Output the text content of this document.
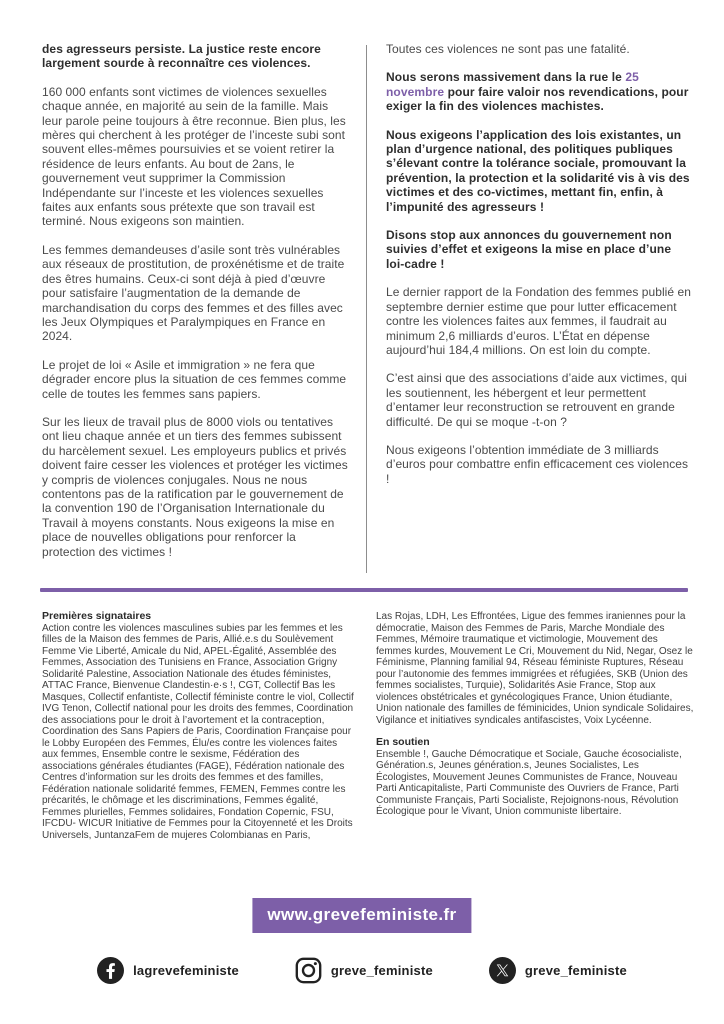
des agresseurs persiste. La justice reste encore largement sourde à reconnaître ces violences.

160 000 enfants sont victimes de violences sexuelles chaque année, en majorité au sein de la famille. Mais leur parole peine toujours à être reconnue. Bien plus, les mères qui cherchent à les protéger de l’inceste subi sont souvent elles-mêmes poursuivies et se voient retirer la résidence de leurs enfants. Au bout de 2ans, le gouvernement veut supprimer la Commission Indépendante sur l’inceste et les violences sexuelles faites aux enfants sous prétexte que son travail est terminé. Nous exigeons son maintien.

Les femmes demandeuses d’asile sont très vulnérables aux réseaux de prostitution, de proxénétisme et de traite des êtres humains. Ceux-ci sont déjà à pied d’œuvre pour satisfaire l’augmentation de la demande de marchandisation du corps des femmes et des filles avec les Jeux Olympiques et Paralympiques en France en 2024.

Le projet de loi « Asile et immigration » ne fera que dégrader encore plus la situation de ces femmes comme celle de toutes les femmes sans papiers.

Sur les lieux de travail plus de 8000 viols ou tentatives ont lieu chaque année et un tiers des femmes subissent du harcèlement sexuel. Les employeurs publics et privés doivent faire cesser les violences et protéger les victimes y compris de violences conjugales. Nous ne nous contentons pas de la ratification par le gouvernement de la convention 190 de l’Organisation Internationale du Travail à moyens constants. Nous exigeons la mise en place de nouvelles obligations pour renforcer la protection des victimes !

Toutes ces violences ne sont pas une fatalité.

Nous serons massivement dans la rue le 25 novembre pour faire valoir nos revendications, pour exiger la fin des violences machistes.

Nous exigeons l’application des lois existantes, un plan d’urgence national, des politiques publiques s’élevant contre la tolérance sociale, promouvant la prévention, la protection et la solidarité vis à vis des victimes et des co-victimes, mettant fin, enfin, à l’impunité des agresseurs !

Disons stop aux annonces du gouvernement non suivies d’effet et exigeons la mise en place d’une loi-cadre !

Le dernier rapport de la Fondation des femmes publié en septembre dernier estime que pour lutter efficacement contre les violences faites aux femmes, il faudrait au minimum 2,6 milliards d’euros. L’État en dépense aujourd’hui 184,4 millions. On est loin du compte.

C’est ainsi que des associations d’aide aux victimes, qui les soutiennent, les hébergent et leur permettent d’entamer leur reconstruction se retrouvent en grande difficulté. De qui se moque -t-on ?

Nous exigeons l’obtention immédiate de 3 milliards d’euros pour combattre enfin efficacement ces violences !

Premières signataires
Action contre les violences masculines subies par les femmes et les filles de la Maison des femmes de Paris, Allié.e.s du Soulèvement Femme Vie Liberté, Amicale du Nid, APEL-Égalité, Assemblée des Femmes, Association des Tunisiens en France, Association Grigny Solidarité Palestine, Association Nationale des études féministes, ATTAC France, Bienvenue Clandestin·e·s !, CGT, Collectif Bas les Masques, Collectif enfantiste, Collectif féministe contre le viol, Collectif IVG Tenon, Collectif national pour les droits des femmes, Coordination des associations pour le droit à l’avortement et la contraception, Coordination des Sans Papiers de Paris, Coordination Française pour le Lobby Européen des Femmes, Élu/es contre les violences faites aux femmes, Ensemble contre le sexisme, Fédération des associations générales étudiantes (FAGE), Fédération nationale des Centres d’information sur les droits des femmes et des familles, Fédération nationale solidarité femmes, FEMEN, Femmes contre les précarités, le chômage et les discriminations, Femmes égalité, Femmes plurielles, Femmes solidaires, Fondation Copernic, FSU, IFCDU- WICUR Initiative de Femmes pour la Citoyenneté et les Droits Universels, JuntanzaFem de mujeres Colombianas en Paris,
Las Rojas, LDH, Les Effrontées, Ligue des femmes iraniennes pour la démocratie, Maison des Femmes de Paris, Marche Mondiale des Femmes, Mémoire traumatique et victimologie, Mouvement des femmes kurdes, Mouvement Le Cri, Mouvement du Nid, Negar, Osez le Féminisme, Planning familial 94, Réseau féministe Ruptures, Réseau pour l’autonomie des femmes immigrées et réfugiées, SKB (Union des femmes socialistes, Turquie), Solidarités Asie France, Stop aux violences obstétricales et gynécologiques France, Union étudiante, Union nationale des familles de féminicides, Union syndicale Solidaires, Vigilance et initiatives syndicales antifascistes, Voix Lycéenne.
En soutien
Ensemble !, Gauche Démocratique et Sociale, Gauche écosocialiste, Génération.s, Jeunes génération.s, Jeunes Socialistes, Les Écologistes, Mouvement Jeunes Communistes de France, Nouveau Parti Anticapitaliste, Parti Communiste des Ouvriers de France, Parti Communiste Français, Parti Socialiste, Rejoignons-nous, Révolution Écologique pour le Vivant, Union communiste libertaire.
www.grevefeministe.fr
lagrevefeministe	greve_feministe	greve_feministe
